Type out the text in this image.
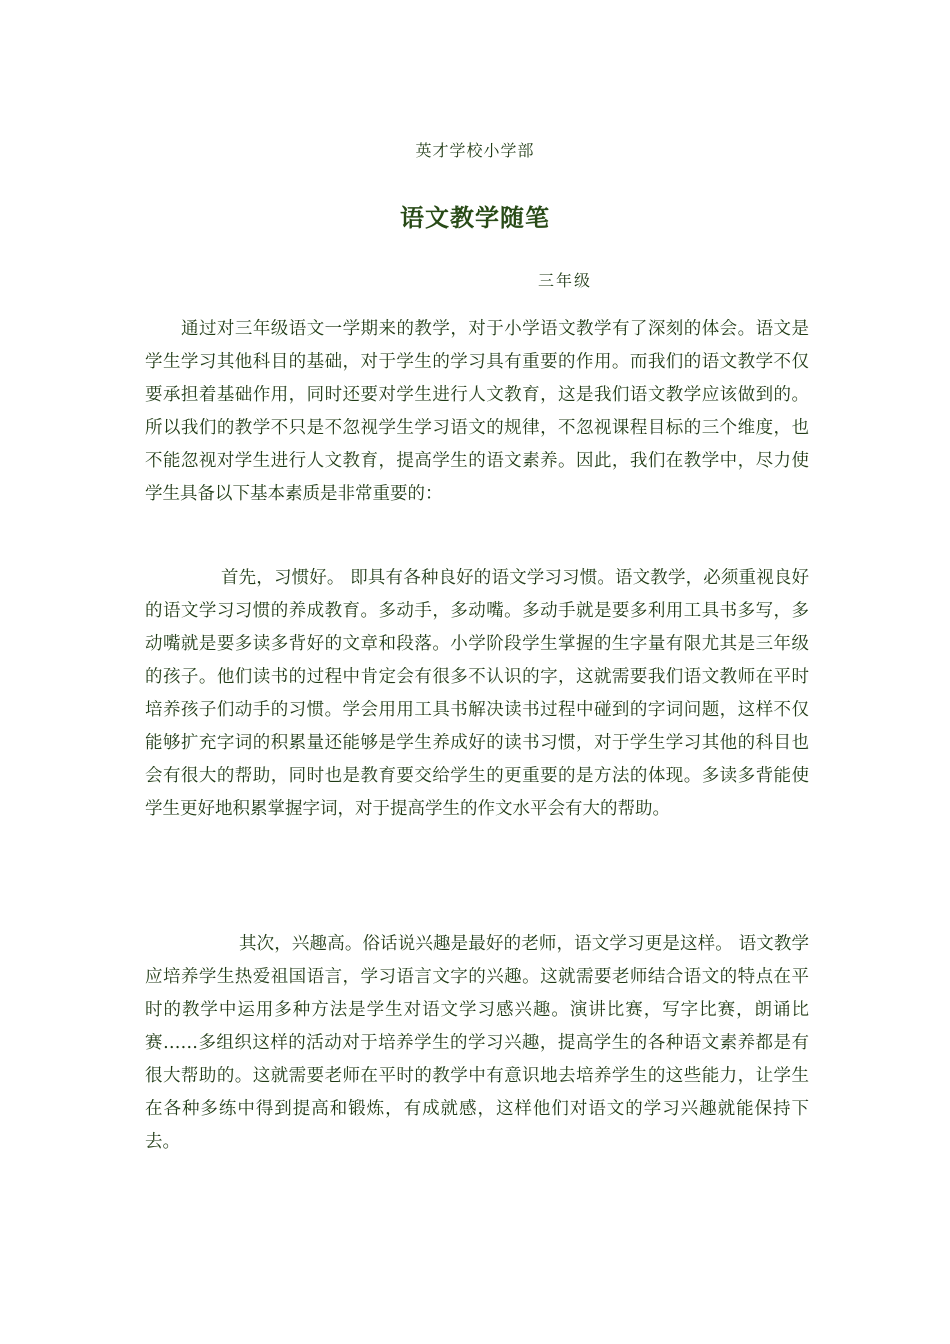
英才学校小学部
语文教学随笔
三年级

通过对三年级语文一学期来的教学，对于小学语文教学有了深刻的体会。语文是学生学习其他科目的基础，对于学生的学习具有重要的作用。而我们的语文教学不仅要承担着基础作用，同时还要对学生进行人文教育，这是我们语文教学应该做到的。所以我们的教学不只是不忽视学生学习语文的规律，不忽视课程目标的三个维度，也不能忽视对学生进行人文教育，提高学生的语文素养。因此，我们在教学中，尽力使学生具备以下基本素质是非常重要的：

首先，习惯好。 即具有各种良好的语文学习习惯。语文教学，必须重视良好的语文学习习惯的养成教育。多动手，多动嘴。多动手就是要多利用工具书多写，多动嘴就是要多读多背好的文章和段落。小学阶段学生掌握的生字量有限尤其是三年级的孩子。他们读书的过程中肯定会有很多不认识的字，这就需要我们语文教师在平时培养孩子们动手的习惯。学会用用工具书解决读书过程中碰到的字词问题，这样不仅能够扩充字词的积累量还能够是学生养成好的读书习惯，对于学生学习其他的科目也会有很大的帮助，同时也是教育要交给学生的更重要的是方法的体现。多读多背能使学生更好地积累掌握字词，对于提高学生的作文水平会有大的帮助。

其次，兴趣高。俗话说兴趣是最好的老师，语文学习更是这样。 语文教学应培养学生热爱祖国语言，学习语言文字的兴趣。这就需要老师结合语文的特点在平时的教学中运用多种方法是学生对语文学习感兴趣。演讲比赛，写字比赛，朗诵比赛……多组织这样的活动对于培养学生的学习兴趣，提高学生的各种语文素养都是有很大帮助的。这就需要老师在平时的教学中有意识地去培养学生的这些能力，让学生在各种多练中得到提高和锻炼，有成就感，这样他们对语文的学习兴趣就能保持下去。
